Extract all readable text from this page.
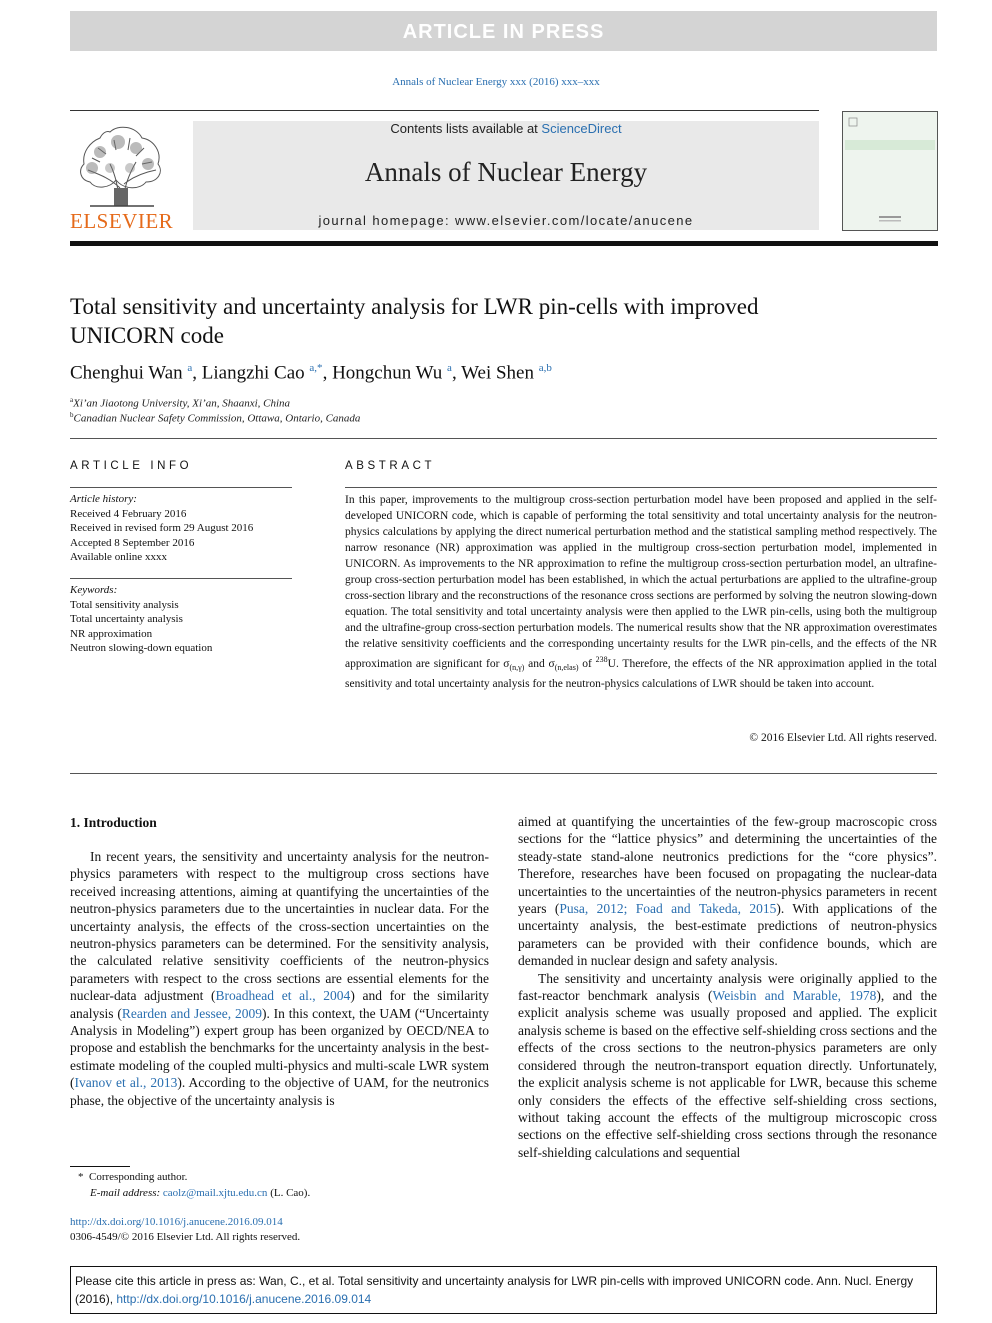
ARTICLE IN PRESS
Annals of Nuclear Energy xxx (2016) xxx–xxx
ELSEVIER
Contents lists available at ScienceDirect
Annals of Nuclear Energy
journal homepage: www.elsevier.com/locate/anucene
Total sensitivity and uncertainty analysis for LWR pin-cells with improved UNICORN code
Chenghui Wan $^a$, Liangzhi Cao $^{a,*}$, Hongchun Wu $^a$, Wei Shen $^{a,b}$
$^a$Xi’an Jiaotong University, Xi’an, Shaanxi, China
$^b$Canadian Nuclear Safety Commission, Ottawa, Ontario, Canada
ARTICLE INFO
Article history:
Received 4 February 2016
Received in revised form 29 August 2016
Accepted 8 September 2016
Available online xxxx
Keywords:
Total sensitivity analysis
Total uncertainty analysis
NR approximation
Neutron slowing-down equation
ABSTRACT
In this paper, improvements to the multigroup cross-section perturbation model have been proposed and applied in the self-developed UNICORN code, which is capable of performing the total sensitivity and total uncertainty analysis for the neutron-physics calculations by applying the direct numerical perturbation method and the statistical sampling method respectively. The narrow resonance (NR) approximation was applied in the multigroup cross-section perturbation model, implemented in UNICORN. As improvements to the NR approximation to refine the multigroup cross-section perturbation model, an ultrafine-group cross-section perturbation model has been established, in which the actual perturbations are applied to the ultrafine-group cross-section library and the reconstructions of the resonance cross sections are performed by solving the neutron slowing-down equation. The total sensitivity and total uncertainty analysis were then applied to the LWR pin-cells, using both the multigroup and the ultrafine-group cross-section perturbation models. The numerical results show that the NR approximation overestimates the relative sensitivity coefficients and the corresponding uncertainty results for the LWR pin-cells, and the effects of the NR approximation are significant for $\sigma_{(n,\gamma)}$ and $\sigma_{(n,elas)}$ of $^{238}$U. Therefore, the effects of the NR approximation applied in the total sensitivity and total uncertainty analysis for the neutron-physics calculations of LWR should be taken into account.
© 2016 Elsevier Ltd. All rights reserved.
1. Introduction

In recent years, the sensitivity and uncertainty analysis for the neutron-physics parameters with respect to the multigroup cross sections have received increasing attentions, aiming at quantifying the uncertainties of the neutron-physics parameters due to the uncertainties in nuclear data. For the uncertainty analysis, the effects of the cross-section uncertainties on the neutron-physics parameters can be determined. For the sensitivity analysis, the calculated relative sensitivity coefficients of the neutron-physics parameters with respect to the cross sections are essential elements for the nuclear-data adjustment (Broadhead et al., 2004) and for the similarity analysis (Rearden and Jessee, 2009). In this context, the UAM (“Uncertainty Analysis in Modeling”) expert group has been organized by OECD/NEA to propose and establish the benchmarks for the uncertainty analysis in the best-estimate modeling of the coupled multi-physics and multi-scale LWR system (Ivanov et al., 2013). According to the objective of UAM, for the neutronics phase, the objective of the uncertainty analysis is

aimed at quantifying the uncertainties of the few-group macroscopic cross sections for the “lattice physics” and determining the uncertainties of the steady-state stand-alone neutronics predictions for the “core physics”. Therefore, researches have been focused on propagating the nuclear-data uncertainties to the uncertainties of the neutron-physics parameters in recent years (Pusa, 2012; Foad and Takeda, 2015). With applications of the uncertainty analysis, the best-estimate predictions of neutron-physics parameters can be provided with their confidence bounds, which are demanded in nuclear design and safety analysis.

The sensitivity and uncertainty analysis were originally applied to the fast-reactor benchmark analysis (Weisbin and Marable, 1978), and the explicit analysis scheme was usually proposed and applied. The explicit analysis scheme is based on the effective self-shielding cross sections and the effects of the cross sections to the neutron-physics parameters are only considered through the neutron-transport equation directly. Unfortunately, the explicit analysis scheme is not applicable for LWR, because this scheme only considers the effects of the effective self-shielding cross sections, without taking account the effects of the multigroup microscopic cross sections on the effective self-shielding cross sections through the resonance self-shielding calculations and sequential

* Corresponding author.
E-mail address: caolz@mail.xjtu.edu.cn (L. Cao).
http://dx.doi.org/10.1016/j.anucene.2016.09.014
0306-4549/© 2016 Elsevier Ltd. All rights reserved.
Please cite this article in press as: Wan, C., et al. Total sensitivity and uncertainty analysis for LWR pin-cells with improved UNICORN code. Ann. Nucl. Energy (2016), http://dx.doi.org/10.1016/j.anucene.2016.09.014
